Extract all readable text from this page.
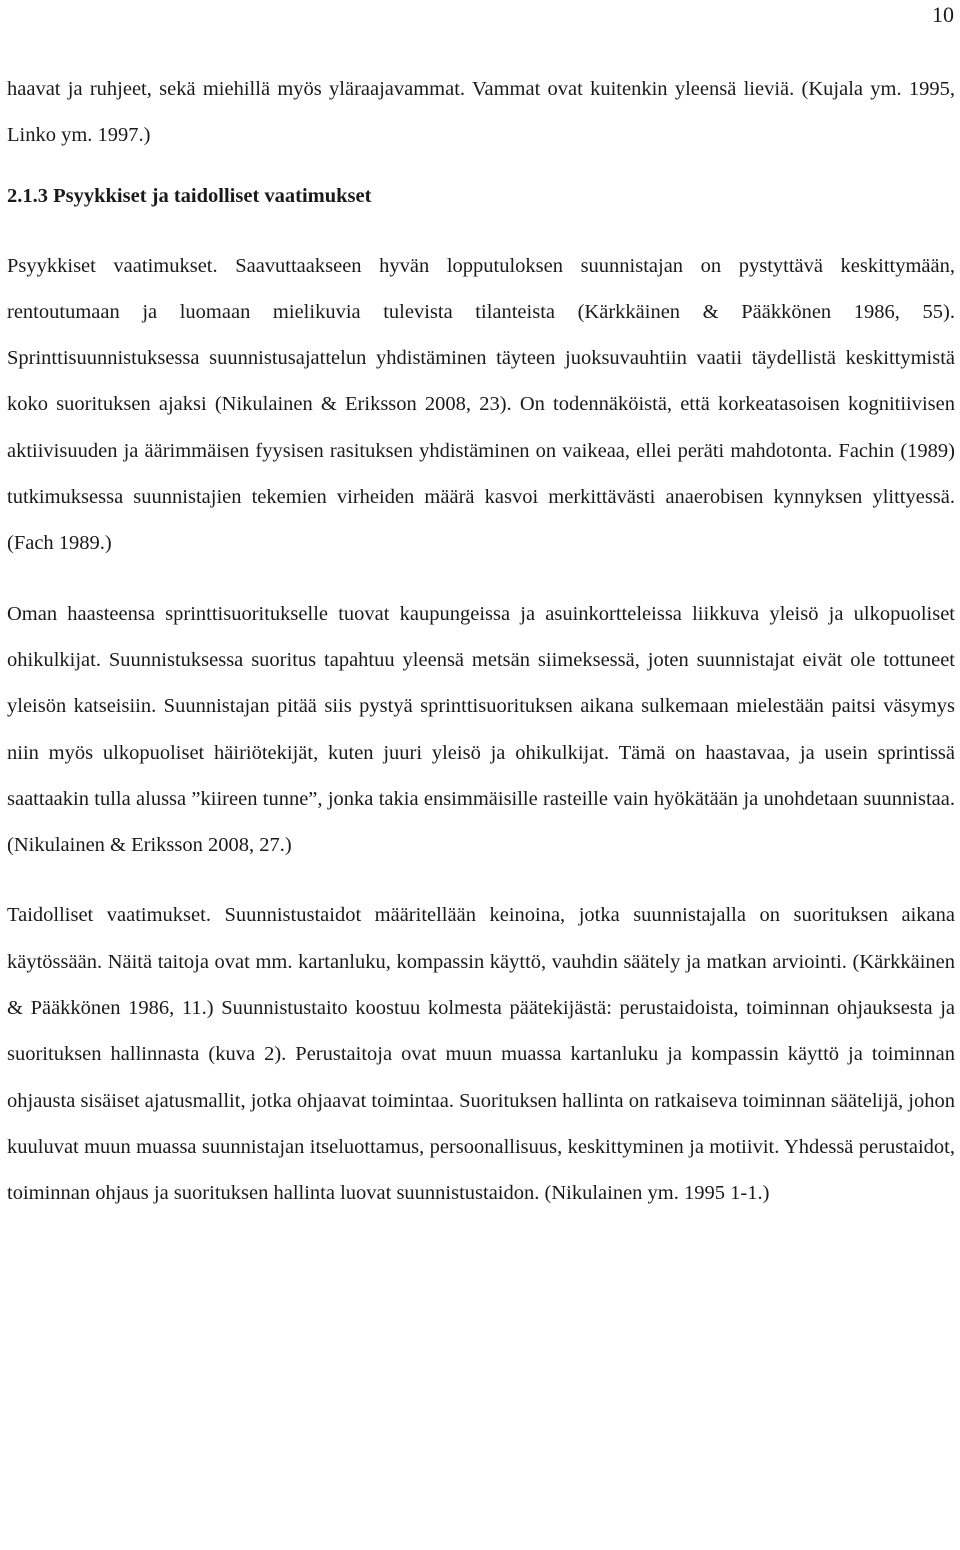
10

haavat ja ruhjeet, sekä miehillä myös yläraajavammat. Vammat ovat kuitenkin yleensä lieviä. (Kujala ym. 1995, Linko ym. 1997.)

2.1.3 Psyykkiset ja taidolliset vaatimukset

Psyykkiset vaatimukset. Saavuttaakseen hyvän lopputuloksen suunnistajan on pystyttävä keskittymään, rentoutumaan ja luomaan mielikuvia tulevista tilanteista (Kärkkäinen & Pääkkönen 1986, 55). Sprinttisuunnistuksessa suunnistusajattelun yhdistäminen täyteen juoksuvauhtiin vaatii täydellistä keskittymistä koko suorituksen ajaksi (Nikulainen & Eriksson 2008, 23). On todennäköistä, että korkeatasoisen kognitiivisen aktiivisuuden ja äärimmäisen fyysisen rasituksen yhdistäminen on vaikeaa, ellei peräti mahdotonta. Fachin (1989) tutkimuksessa suunnistajien tekemien virheiden määrä kasvoi merkittävästi anaerobisen kynnyksen ylittyessä. (Fach 1989.)

Oman haasteensa sprinttisuoritukselle tuovat kaupungeissa ja asuinkortteleissa liikkuva yleisö ja ulkopuoliset ohikulkijat. Suunnistuksessa suoritus tapahtuu yleensä metsän siimeksessä, joten suunnistajat eivät ole tottuneet yleisön katseisiin. Suunnistajan pitää siis pystyä sprinttisuorituksen aikana sulkemaan mielestään paitsi väsymys niin myös ulkopuoliset häiriötekijät, kuten juuri yleisö ja ohikulkijat. Tämä on haastavaa, ja usein sprintissä saattaakin tulla alussa ”kiireen tunne”, jonka takia ensimmäisille rasteille vain hyökätään ja unohdetaan suunnistaa. (Nikulainen & Eriksson 2008, 27.)

Taidolliset vaatimukset. Suunnistustaidot määritellään keinoina, jotka suunnistajalla on suorituksen aikana käytössään. Näitä taitoja ovat mm. kartanluku, kompassin käyttö, vauhdin säätely ja matkan arviointi. (Kärkkäinen & Pääkkönen 1986, 11.) Suunnistustaito koostuu kolmesta päätekijästä: perustaidoista, toiminnan ohjauksesta ja suorituksen hallinnasta (kuva 2). Perustaitoja ovat muun muassa kartanluku ja kompassin käyttö ja toiminnan ohjausta sisäiset ajatusmallit, jotka ohjaavat toimintaa. Suorituksen hallinta on ratkaiseva toiminnan säätelijä, johon kuuluvat muun muassa suunnistajan itseluottamus, persoonallisuus, keskittyminen ja motiivit. Yhdessä perustaidot, toiminnan ohjaus ja suorituksen hallinta luovat suunnistustaidon. (Nikulainen ym. 1995 1-1.)
